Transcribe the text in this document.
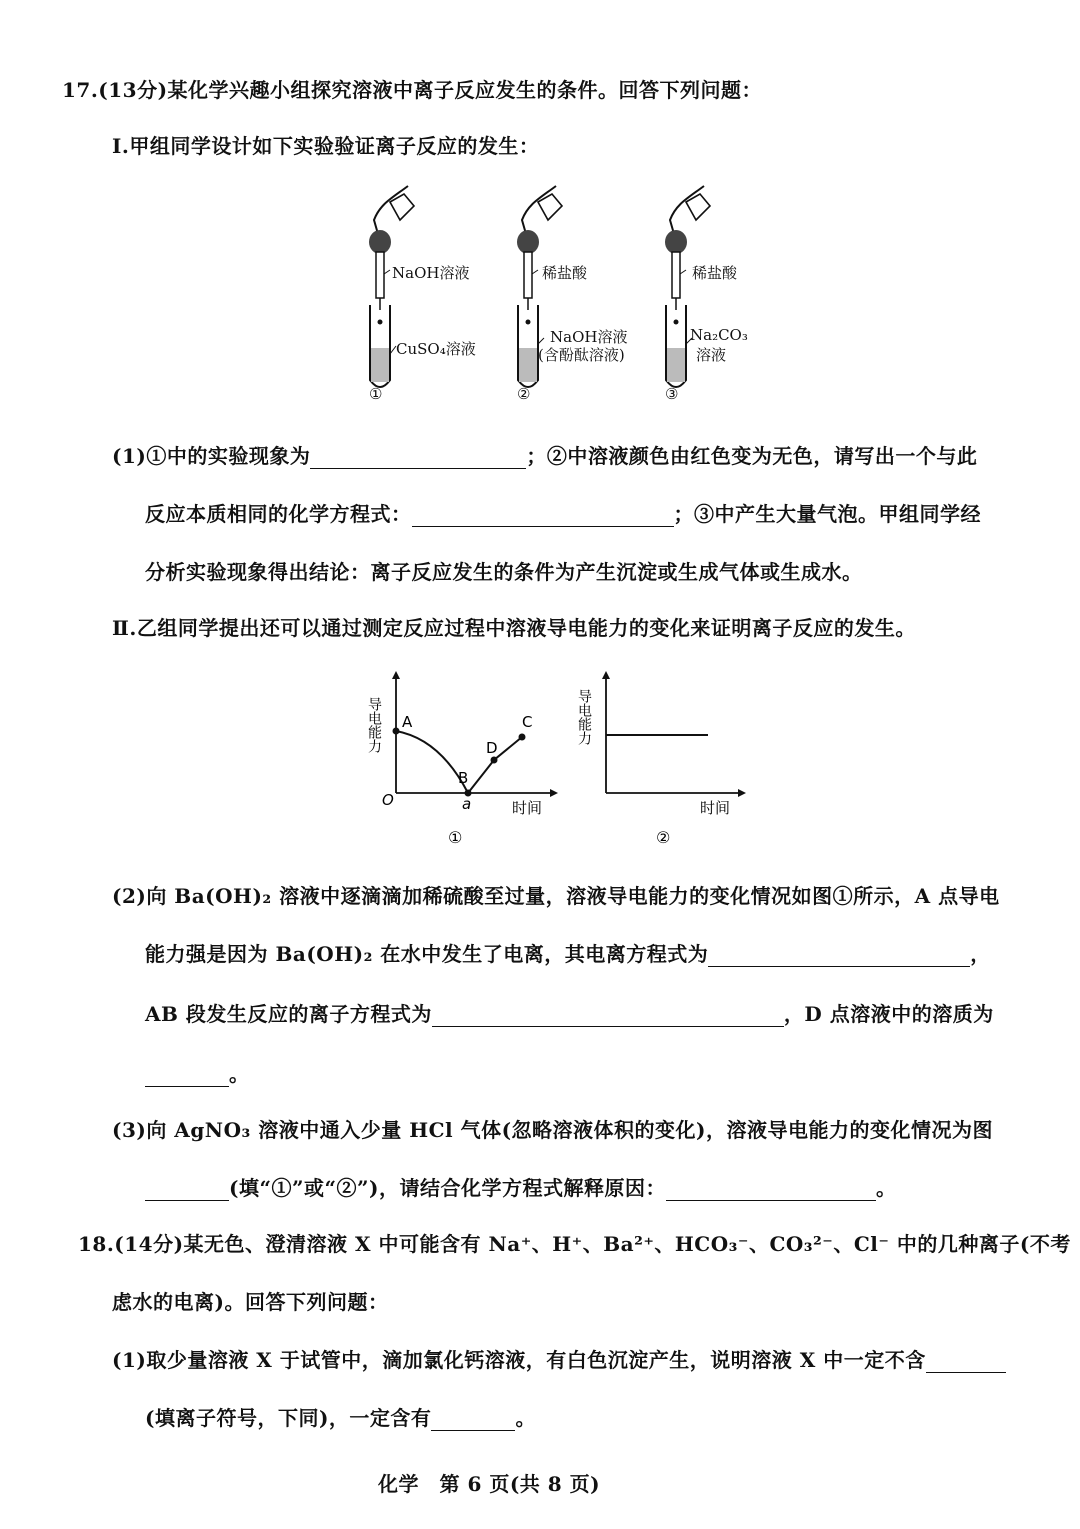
17.(13分)某化学兴趣小组探究溶液中离子反应发生的条件。回答下列问题：
Ⅰ.甲组同学设计如下实验验证离子反应的发生：
NaOH溶液
CuSO₄溶液
①
稀盐酸
NaOH溶液
(含酚酞溶液)
②
稀盐酸
Na₂CO₃
溶液
③
(1)①中的实验现象为	；②中溶液颜色由红色变为无色，请写出一个与此
反应本质相同的化学方程式：	；③中产生大量气泡。甲组同学经
分析实验现象得出结论：离子反应发生的条件为产生沉淀或生成气体或生成水。
Ⅱ.乙组同学提出还可以通过测定反应过程中溶液导电能力的变化来证明离子反应的发生。
导电能力 A
B
D
C
O	a	时间
①
导电能力
时间
②
(2)向 Ba(OH)₂ 溶液中逐滴滴加稀硫酸至过量，溶液导电能力的变化情况如图①所示，A 点导电
能力强是因为 Ba(OH)₂ 在水中发生了电离，其电离方程式为	，
AB 段发生反应的离子方程式为	，D 点溶液中的溶质为
。
(3)向 AgNO₃ 溶液中通入少量 HCl 气体(忽略溶液体积的变化)，溶液导电能力的变化情况为图
(填“①”或“②”)，请结合化学方程式解释原因：	。
18.(14分)某无色、澄清溶液 X 中可能含有 Na⁺、H⁺、Ba²⁺、HCO₃⁻、CO₃²⁻、Cl⁻ 中的几种离子(不考
虑水的电离)。回答下列问题：
(1)取少量溶液 X 于试管中，滴加氯化钙溶液，有白色沉淀产生，说明溶液 X 中一定不含
(填离子符号，下同)，一定含有	。
化学　第 6 页(共 8 页)
